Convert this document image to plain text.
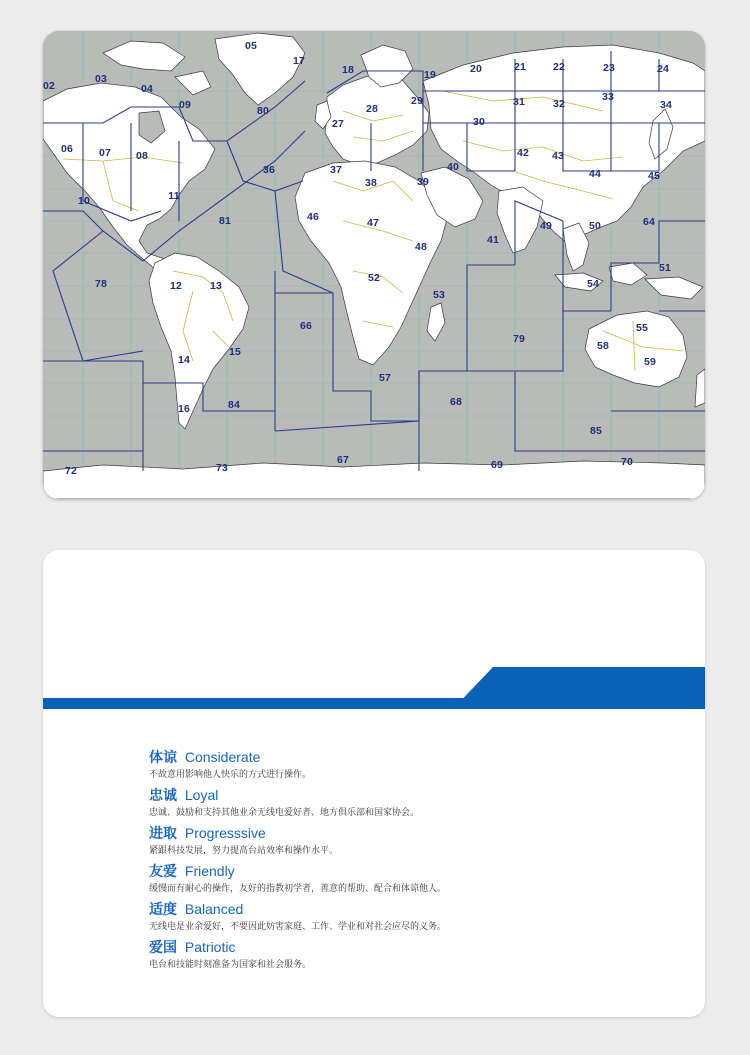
02
03
04
05
06 07 08
09
10	11
12	13
14
15
16
17
18	19	20	21	22	23	24
27
28
29
30
31	32
33
34
36	37
38	39
40
41
42 43
44	45
46	47
48
49	50
51
52
53
54
55
57
58
59
64
66
67
68
69	70
72	73
78
79
80
81
84
85
体谅 Considerate
不故意用影响他人快乐的方式进行操作。
忠诚 Loyal
忠诚、鼓励和支持其他业余无线电爱好者、地方俱乐部和国家协会。
进取 Progresssive
紧跟科技发展，努力提高台站效率和操作水平。
友爱 Friendly
缓慢而有耐心的操作，友好的指教初学者，善意的帮助、配合和体谅他人。
适度 Balanced
无线电是业余爱好，不要因此妨害家庭、工作、学业和对社会应尽的义务。
爱国 Patriotic
电台和技能时刻准备为国家和社会服务。
